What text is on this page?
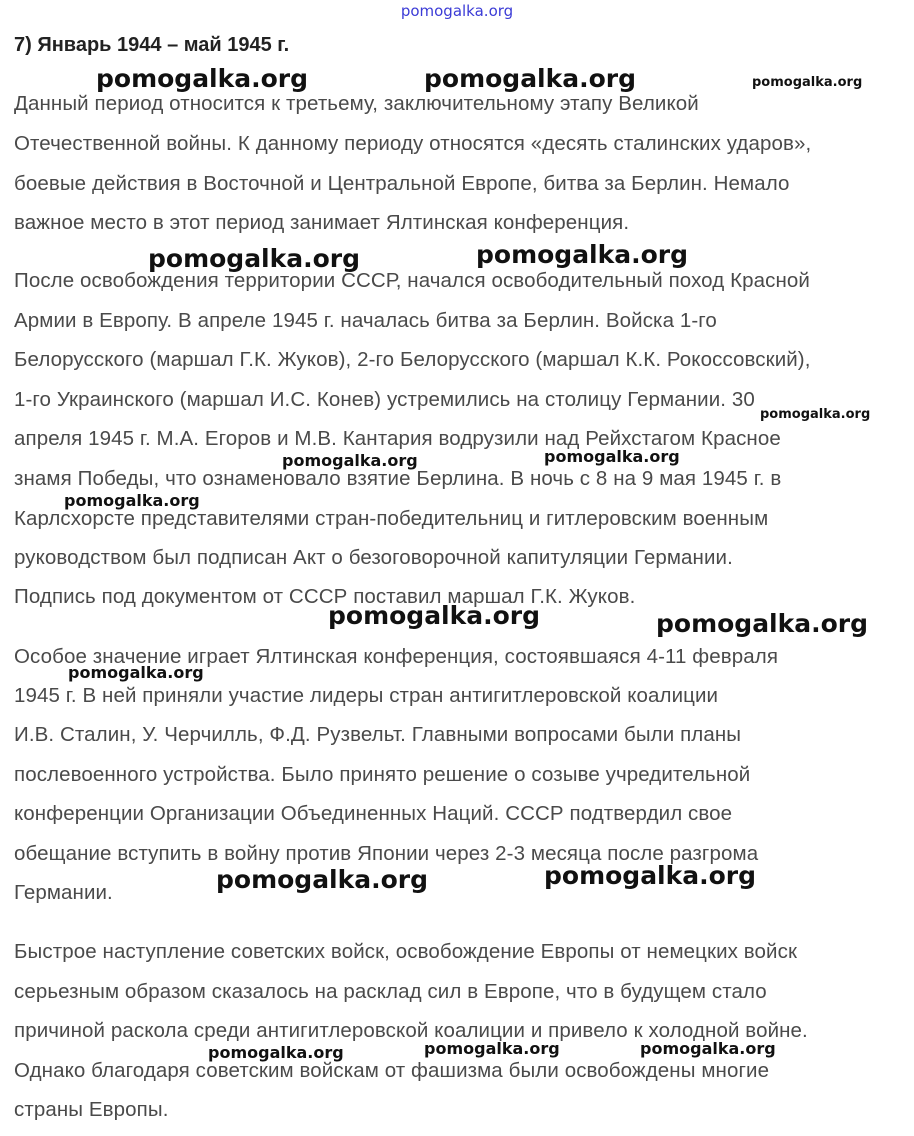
pomogalka.org
7) Январь 1944 – май 1945 г.
Данный период относится к третьему, заключительному этапу Великой
Отечественной войны. К данному периоду относятся «десять сталинских ударов»,
боевые действия в Восточной и Центральной Европе, битва за Берлин. Немало
важное место в этот период занимает Ялтинская конференция.
После освобождения территории СССР, начался освободительный поход Красной
Армии в Европу. В апреле 1945 г. началась битва за Берлин. Войска 1-го
Белорусского (маршал Г.К. Жуков), 2-го Белорусского (маршал К.К. Рокоссовский),
1-го Украинского (маршал И.С. Конев) устремились на столицу Германии. 30
апреля 1945 г. М.А. Егоров и М.В. Кантария водрузили над Рейхстагом Красное
знамя Победы, что ознаменовало взятие Берлина. В ночь с 8 на 9 мая 1945 г. в
Карлсхорсте представителями стран-победительниц и гитлеровским военным
руководством был подписан Акт о безоговорочной капитуляции Германии.
Подпись под документом от СССР поставил маршал Г.К. Жуков.
Особое значение играет Ялтинская конференция, состоявшаяся 4-11 февраля
1945 г. В ней приняли участие лидеры стран антигитлеровской коалиции
И.В. Сталин, У. Черчилль, Ф.Д. Рузвельт. Главными вопросами были планы
послевоенного устройства. Было принято решение о созыве учредительной
конференции Организации Объединенных Наций. СССР подтвердил свое
обещание вступить в войну против Японии через 2-3 месяца после разгрома
Германии.
Быстрое наступление советских войск, освобождение Европы от немецких войск
серьезным образом сказалось на расклад сил в Европе, что в будущем стало
причиной раскола среди антигитлеровской коалиции и привело к холодной войне.
Однако благодаря советским войскам от фашизма были освобождены многие
страны Европы.
pomogalka.org	pomogalka.org	pomogalka.org
pomogalka.org	pomogalka.org
pomogalka.org
pomogalka.org	pomogalka.org
pomogalka.org
pomogalka.org	pomogalka.org
pomogalka.org
pomogalka.org	pomogalka.org
pomogalka.org	pomogalka.org	pomogalka.org
